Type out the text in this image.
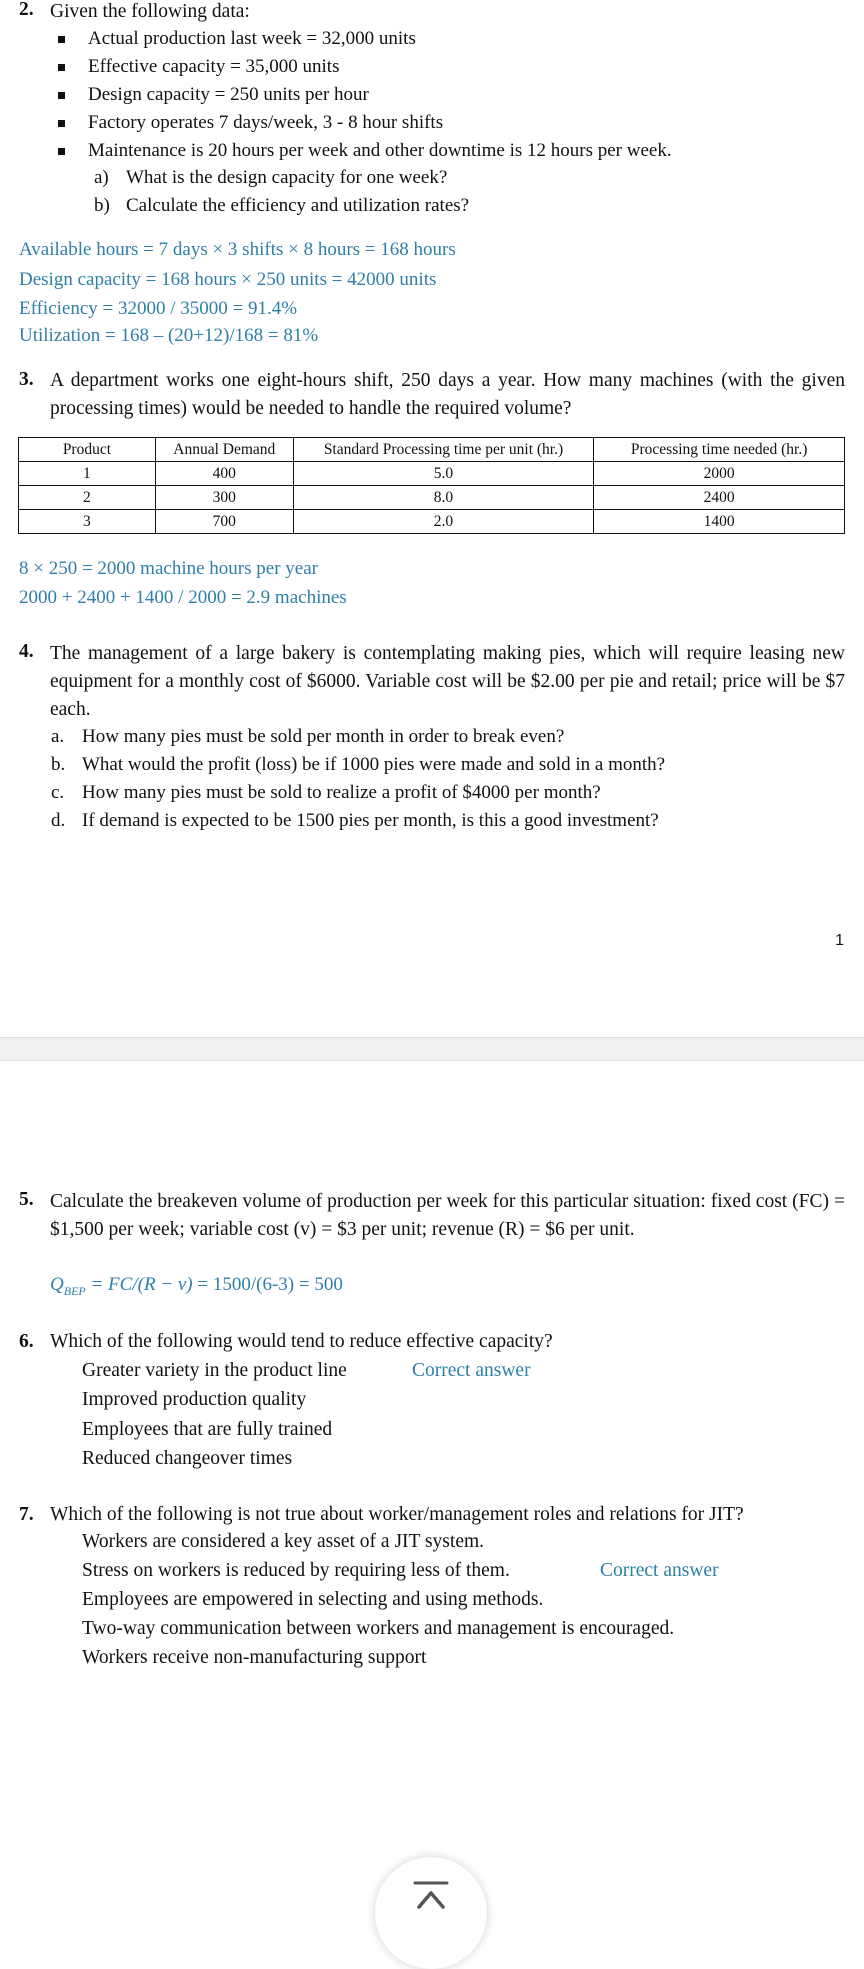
2. Given the following data:
Actual production last week = 32,000 units
Effective capacity = 35,000 units
Design capacity = 250 units per hour
Factory operates 7 days/week, 3 - 8 hour shifts
Maintenance is 20 hours per week and other downtime is 12 hours per week.
a) What is the design capacity for one week?
b) Calculate the efficiency and utilization rates?
Available hours = 7 days × 3 shifts × 8 hours = 168 hours
Design capacity = 168 hours × 250 units = 42000 units
Efficiency = 32000 / 35000 = 91.4%
Utilization = 168 – (20+12)/168 = 81%
3. A department works one eight-hours shift, 250 days a year. How many machines (with the given processing times) would be needed to handle the required volume?
Product	Annual Demand	Standard Processing time per unit (hr.)	Processing time needed (hr.)
1	400	5.0	2000
2	300	8.0	2400
3	700	2.0	1400
8 × 250 = 2000 machine hours per year
2000 + 2400 + 1400 / 2000 = 2.9 machines
4. The management of a large bakery is contemplating making pies, which will require leasing new equipment for a monthly cost of $6000. Variable cost will be $2.00 per pie and retail; price will be $7 each.
a. How many pies must be sold per month in order to break even?
b. What would the profit (loss) be if 1000 pies were made and sold in a month?
c. How many pies must be sold to realize a profit of $4000 per month?
d. If demand is expected to be 1500 pies per month, is this a good investment?
1
5. Calculate the breakeven volume of production per week for this particular situation: fixed cost (FC) = $1,500 per week; variable cost (v) = $3 per unit; revenue (R) = $6 per unit.
$Q_{BEP} = FC/(R - v) = 1500/(6-3) = 500$
6. Which of the following would tend to reduce effective capacity?
Greater variety in the product line	Correct answer
Improved production quality
Employees that are fully trained
Reduced changeover times
7. Which of the following is not true about worker/management roles and relations for JIT?
Workers are considered a key asset of a JIT system.
Stress on workers is reduced by requiring less of them.	Correct answer
Employees are empowered in selecting and using methods.
Two-way communication between workers and management is encouraged.
Workers receive non-manufacturing support
